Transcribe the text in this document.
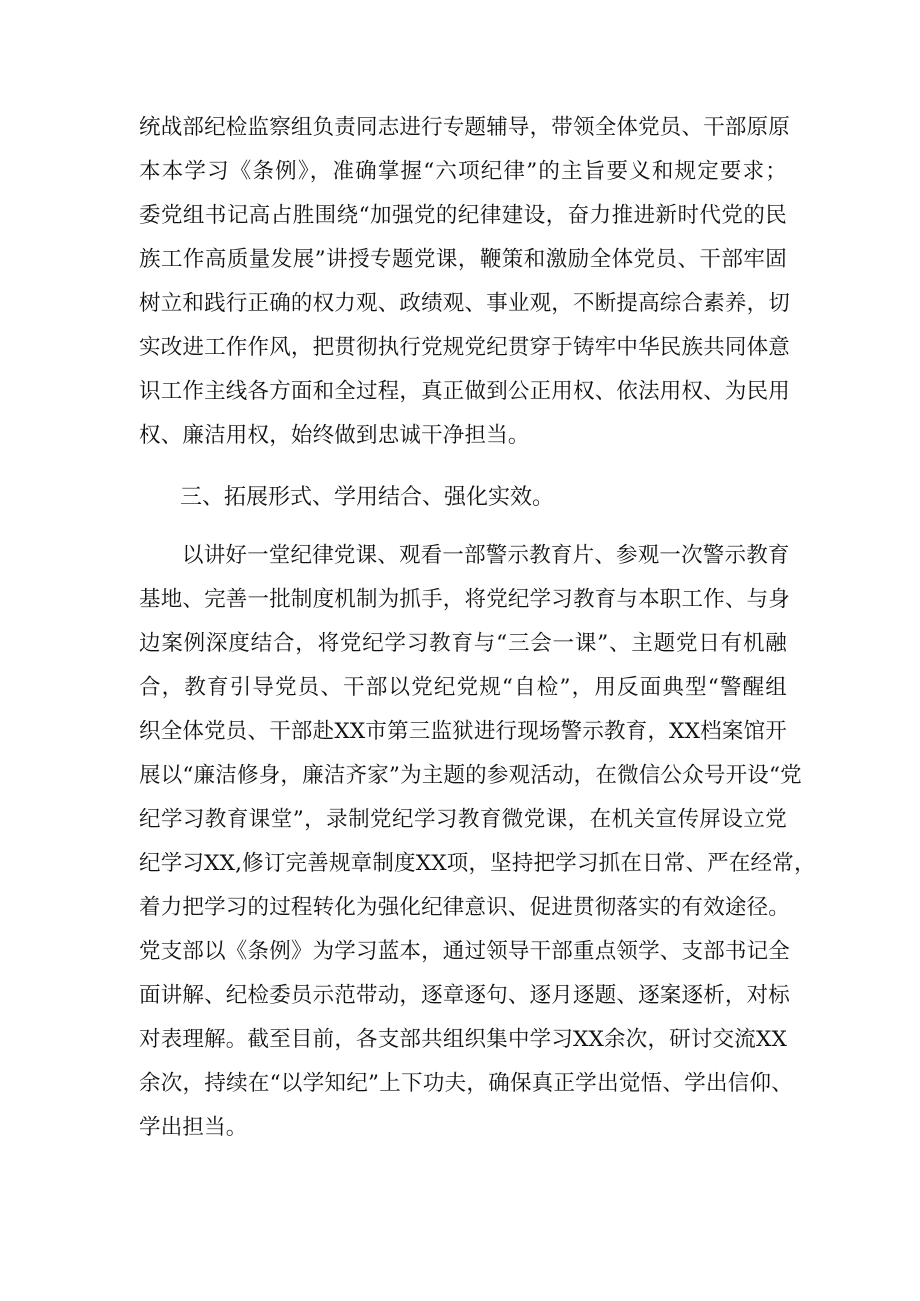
统战部纪检监察组负责同志进行专题辅导，带领全体党员、干部原原
本本学习《条例》，准确掌握“六项纪律”的主旨要义和规定要求；
委党组书记高占胜围绕“加强党的纪律建设，奋力推进新时代党的民
族工作高质量发展”讲授专题党课，鞭策和激励全体党员、干部牢固
树立和践行正确的权力观、政绩观、事业观，不断提高综合素养，切
实改进工作作风，把贯彻执行党规党纪贯穿于铸牢中华民族共同体意
识工作主线各方面和全过程，真正做到公正用权、依法用权、为民用
权、廉洁用权，始终做到忠诚干净担当。
三、拓展形式、学用结合、强化实效。
以讲好一堂纪律党课、观看一部警示教育片、参观一次警示教育
基地、完善一批制度机制为抓手，将党纪学习教育与本职工作、与身
边案例深度结合，将党纪学习教育与“三会一课”、主题党日有机融
合，教育引导党员、干部以党纪党规“自检”，用反面典型“警醒组
织全体党员、干部赴XX市第三监狱进行现场警示教育，XX档案馆开
展以“廉洁修身，廉洁齐家”为主题的参观活动，在微信公众号开设“党
纪学习教育课堂”，录制党纪学习教育微党课，在机关宣传屏设立党
纪学习XX,修订完善规章制度XX项，坚持把学习抓在日常、严在经常，
着力把学习的过程转化为强化纪律意识、促进贯彻落实的有效途径。
党支部以《条例》为学习蓝本，通过领导干部重点领学、支部书记全
面讲解、纪检委员示范带动，逐章逐句、逐月逐题、逐案逐析，对标
对表理解。截至目前，各支部共组织集中学习XX余次，研讨交流XX
余次，持续在“以学知纪”上下功夫，确保真正学出觉悟、学出信仰、
学出担当。
